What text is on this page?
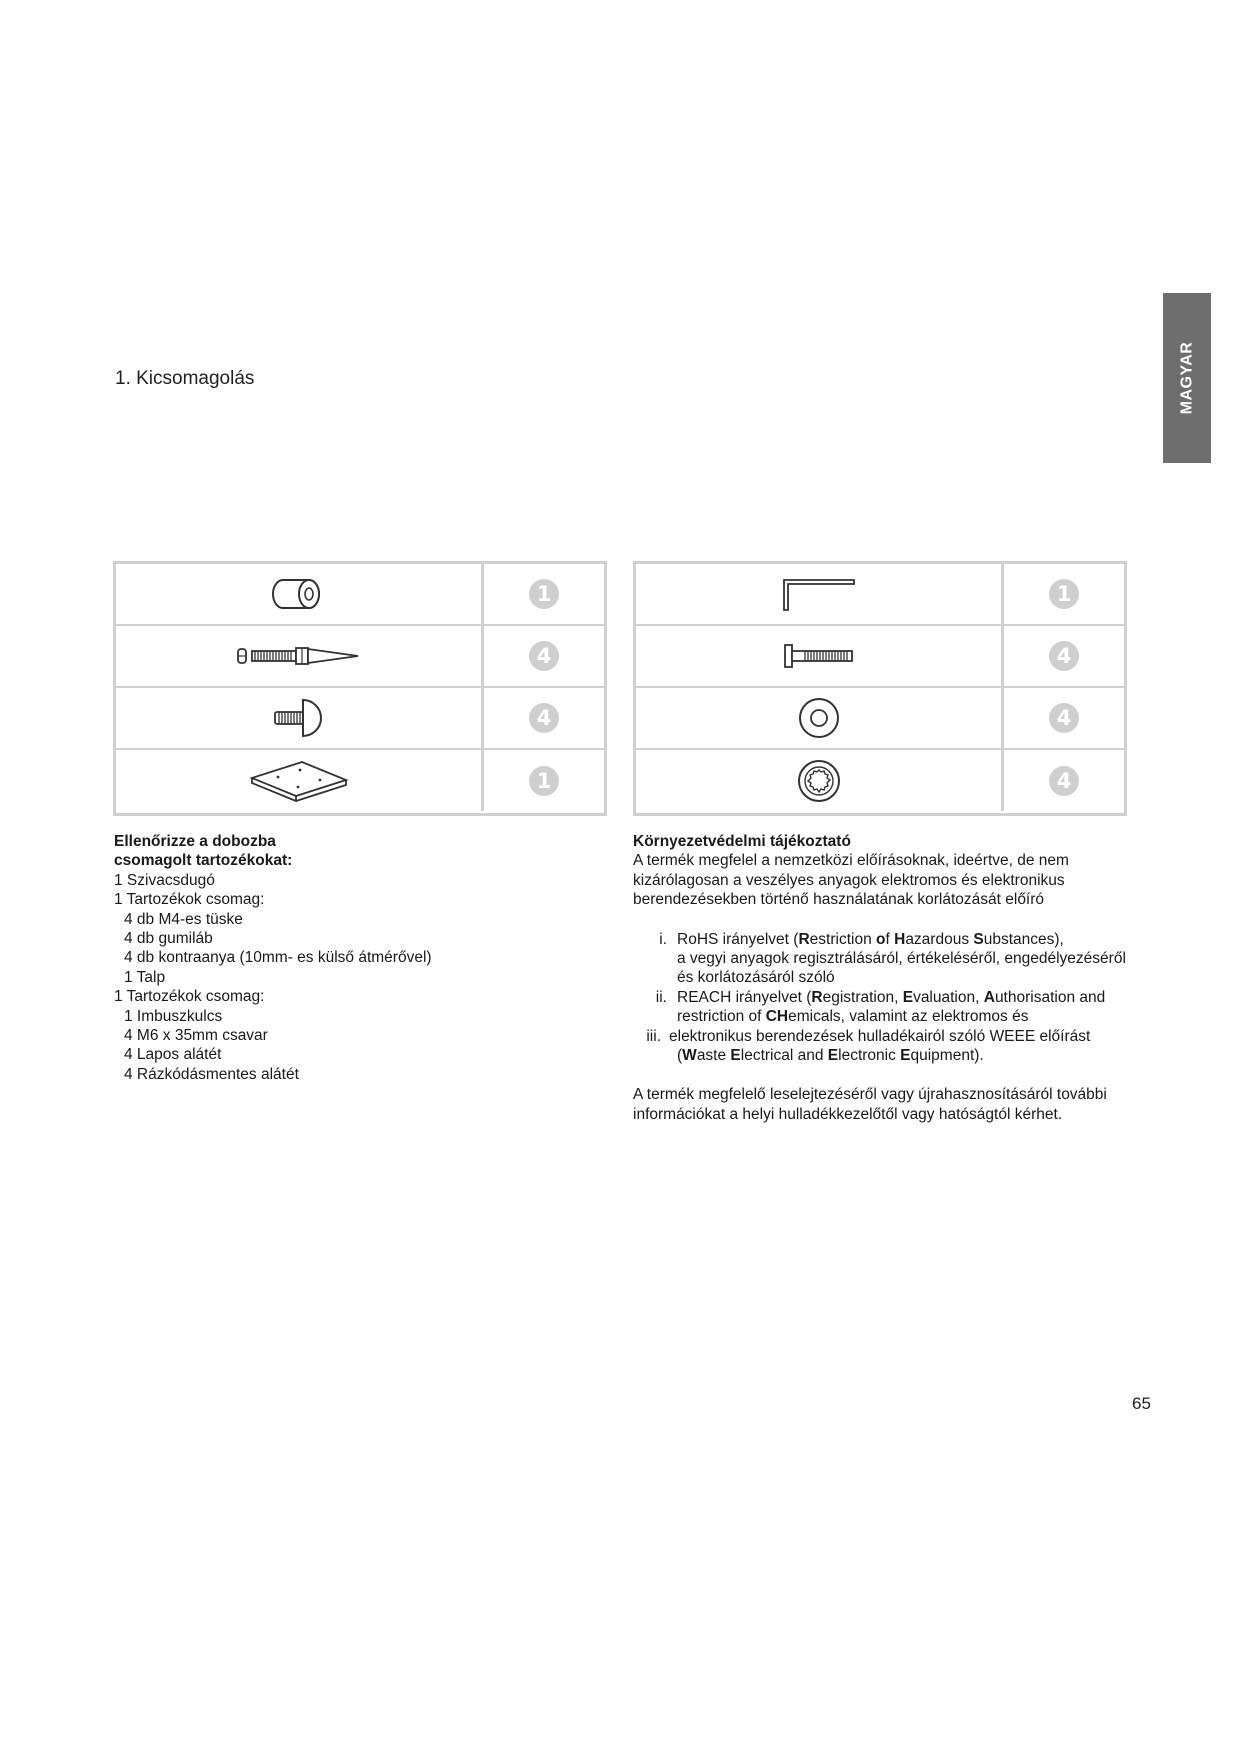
MAGYAR
1. Kicsomagolás
1
4
4
1
1
4
4
4
Ellenőrizze a dobozba
csomagolt tartozékokat:
1 Szivacsdugó
1 Tartozékok csomag:
4 db M4-es tüske
4 db gumiláb
4 db kontraanya (10mm- es külső átmérővel)
1 Talp
1 Tartozékok csomag:
1 Imbuszkulcs
4 M6 x 35mm csavar
4 Lapos alátét
4 Rázkódásmentes alátét
Környezetvédelmi tájékoztató
A termék megfelel a nemzetközi előírásoknak, ideértve, de nem kizárólagosan a veszélyes anyagok elektromos és elektronikus berendezésekben történő használatának korlátozását előíró
i. RoHS irányelvet (Restriction of Hazardous Substances),
a vegyi anyagok regisztrálásáról, értékeléséről, engedélyezéséről és korlátozásáról szóló
ii. REACH irányelvet (Registration, Evaluation, Authorisation and restriction of CHemicals, valamint az elektromos és
iii. elektronikus berendezések hulladékairól szóló WEEE előírást
(Waste Electrical and Electronic Equipment).
A termék megfelelő leselejtezéséről vagy újrahasznosításáról további információkat a helyi hulladékkezelőtől vagy hatóságtól kérhet.
65
